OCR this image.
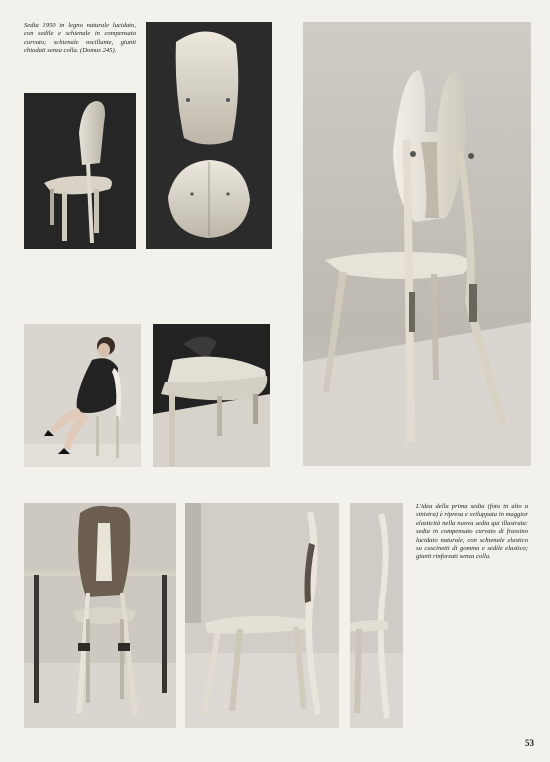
Sedia 1950 in legno naturale lucidato, con sedile e schienale in compensato curvato; schienale oscillante, giunti chiodati senza colla. (Domus 245).
L'idea della prima sedia (foto in alto a sinistra) è ripresa e sviluppata in maggior elasticità nella nuova sedia qui illustrata: sedia in compensato curvato di frassino lucidato naturale, con schienale elastico su cuscinetti di gomma e sedile elastico; giunti rinforzati senza colla.
53
